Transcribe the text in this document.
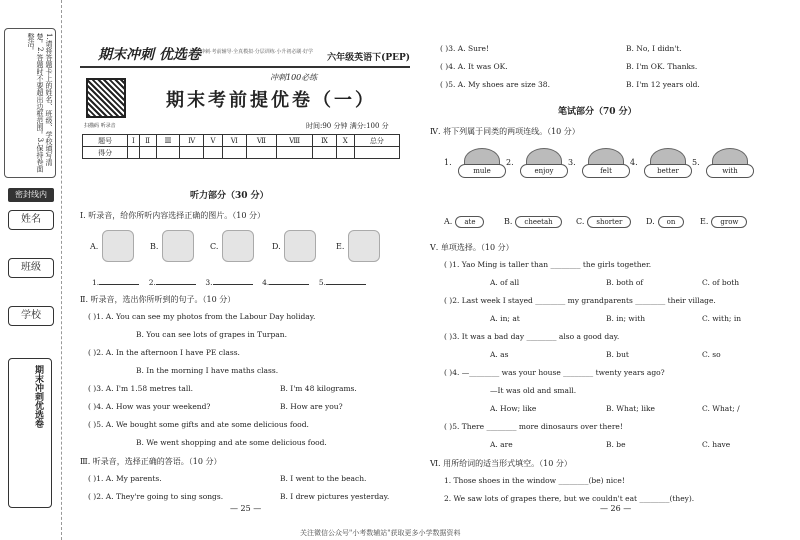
1.请将答题卡上的姓名、班级、学校填写清楚。2.答题时不要超出边框范围。3.保持卷面整洁。
密封线内
姓名
班级
学校
期末冲刺优选卷
期末冲刺 优选卷
期末冲刺·考前辅导·全真模拟·分层训练·小升初必刷·好学
六年级英语下(PEP)
冲刺100必练
扫描码 听录音
期末考前提优卷（一）
时间:90 分钟 满分:100 分
题号	Ⅰ	Ⅱ	Ⅲ	Ⅳ	Ⅴ	Ⅵ	Ⅶ	Ⅷ	Ⅸ	Ⅹ	总分
得分											
听力部分（30 分）
Ⅰ. 听录音，给你所听内容选择正确的图片。（10 分）
A.	B.	C.	D.	E.
1.	2.	3.	4.	5.
Ⅱ. 听录音，选出你所听到的句子。（10 分）
( )1. A. You can see my photos from the Labour Day holiday.
B. You can see lots of grapes in Turpan.
( )2. A. In the afternoon I have PE class.
B. In the morning I have maths class.
( )3. A. I'm 1.58 metres tall.	B. I'm 48 kilograms.
( )4. A. How was your weekend?	B. How are you?
( )5. A. We bought some gifts and ate some delicious food.
B. We went shopping and ate some delicious food.
Ⅲ. 听录音，选择正确的答语。（10 分）
( )1. A. My parents.	B. I went to the beach.
( )2. A. They're going to sing songs.	B. I drew pictures yesterday.
— 25 —
( )3. A. Sure!	B. No, I didn't.
( )4. A. It was OK.	B. I'm OK. Thanks.
( )5. A. My shoes are size 38.	B. I'm 12 years old.
笔试部分（70 分）
Ⅳ. 将下列属于同类的两项连线。（10 分）
1.
mule
2.
enjoy
3.
felt
4.
better
5.
with
A. ate	B. cheetah	C. shorter	D. on	E. grow
Ⅴ. 单项选择。（10 分）
( )1. Yao Ming is taller than ________ the girls together.
A. of all	B. both of	C. of both
( )2. Last week I stayed ________ my grandparents ________ their village.
A. in; at	B. in; with	C. with; in
( )3. It was a bad day ________ also a good day.
A. as	B. but	C. so
( )4. —________ was your house ________ twenty years ago?
—It was old and small.
A. How; like	B. What; like	C. What; /
( )5. There ________ more dinosaurs over there!
A. are	B. be	C. have
Ⅵ. 用所给词的适当形式填空。（10 分）
1. Those shoes in the window ________(be) nice!
2. We saw lots of grapes there, but we couldn't eat ________(they).
— 26 —
关注微信公众号"小考数辅站"获取更多小学数据资料
